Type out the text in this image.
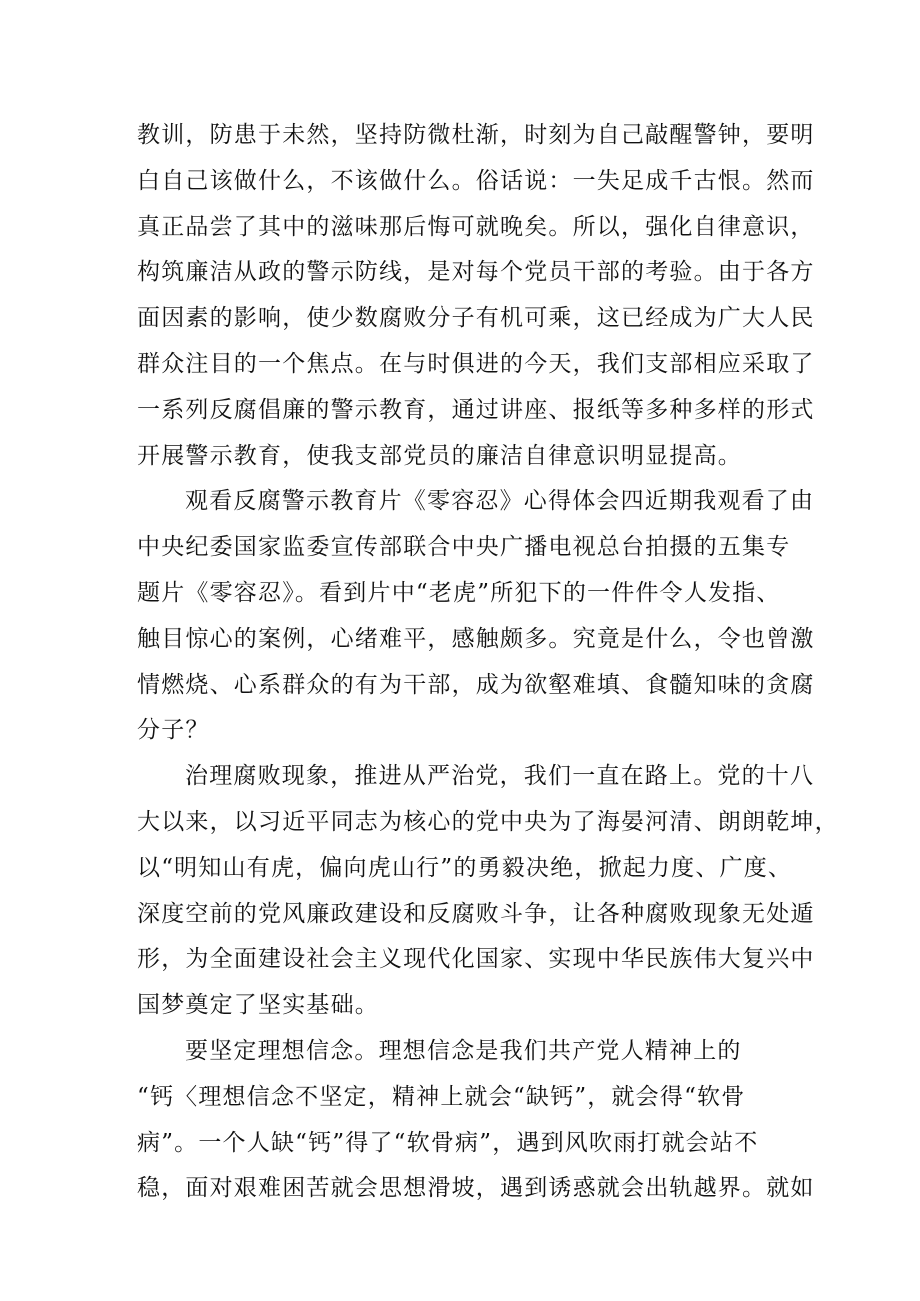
教训，防患于未然，坚持防微杜渐，时刻为自己敲醒警钟，要明
白自己该做什么，不该做什么。俗话说：一失足成千古恨。然而
真正品尝了其中的滋味那后悔可就晚矣。所以，强化自律意识，
构筑廉洁从政的警示防线，是对每个党员干部的考验。由于各方
面因素的影响，使少数腐败分子有机可乘，这已经成为广大人民
群众注目的一个焦点。在与时俱进的今天，我们支部相应采取了
一系列反腐倡廉的警示教育，通过讲座、报纸等多种多样的形式
开展警示教育，使我支部党员的廉洁自律意识明显提高。
观看反腐警示教育片《零容忍》心得体会四近期我观看了由
中央纪委国家监委宣传部联合中央广播电视总台拍摄的五集专
题片《零容忍》。看到片中“老虎”所犯下的一件件令人发指、
触目惊心的案例，心绪难平，感触颇多。究竟是什么，令也曾激
情燃烧、心系群众的有为干部，成为欲壑难填、食髓知味的贪腐
分子？
治理腐败现象，推进从严治党，我们一直在路上。党的十八
大以来，以习近平同志为核心的党中央为了海晏河清、朗朗乾坤，
以“明知山有虎，偏向虎山行”的勇毅决绝，掀起力度、广度、
深度空前的党风廉政建设和反腐败斗争，让各种腐败现象无处遁
形，为全面建设社会主义现代化国家、实现中华民族伟大复兴中
国梦奠定了坚实基础。
要坚定理想信念。理想信念是我们共产党人精神上的
“钙〈理想信念不坚定，精神上就会“缺钙”，就会得“软骨
病”。一个人缺“钙”得了“软骨病”，遇到风吹雨打就会站不
稳，面对艰难困苦就会思想滑坡，遇到诱惑就会出轨越界。就如
